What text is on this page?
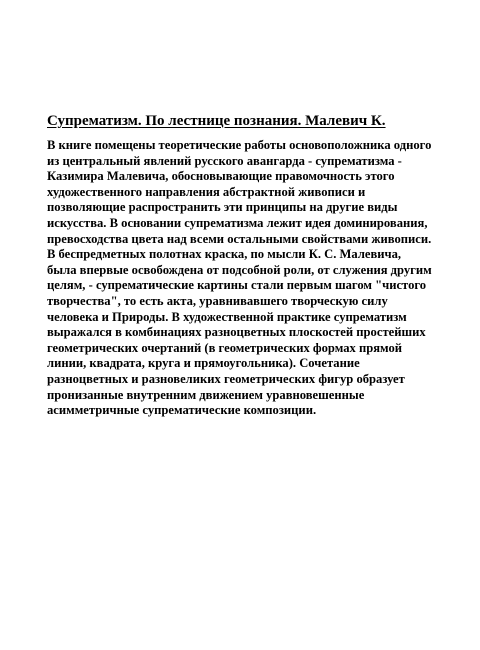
Супрематизм. По лестнице познания. Малевич К.

В книге помещены теоретические работы основоположника одного из центральный явлений русского авангарда - супрематизма - Казимира Малевича, обосновывающие правомочность этого художественного направления абстрактной живописи и позволяющие распространить эти принципы на другие виды искусства. В основании супрематизма лежит идея доминирования, превосходства цвета над всеми остальными свойствами живописи. В беспредметных полотнах краска, по мысли К. С. Малевича, была впервые освобождена от подсобной роли, от служения другим целям, - супрематические картины стали первым шагом "чистого творчества", то есть акта, уравнивавшего творческую силу человека и Природы. В художественной практике супрематизм выражался в комбинациях разноцветных плоскостей простейших геометрических очертаний (в геометрических формах прямой линии, квадрата, круга и прямоугольника). Сочетание разноцветных и разновеликих геометрических фигур образует пронизанные внутренним движением уравновешенные асимметричные супрематические композиции.
